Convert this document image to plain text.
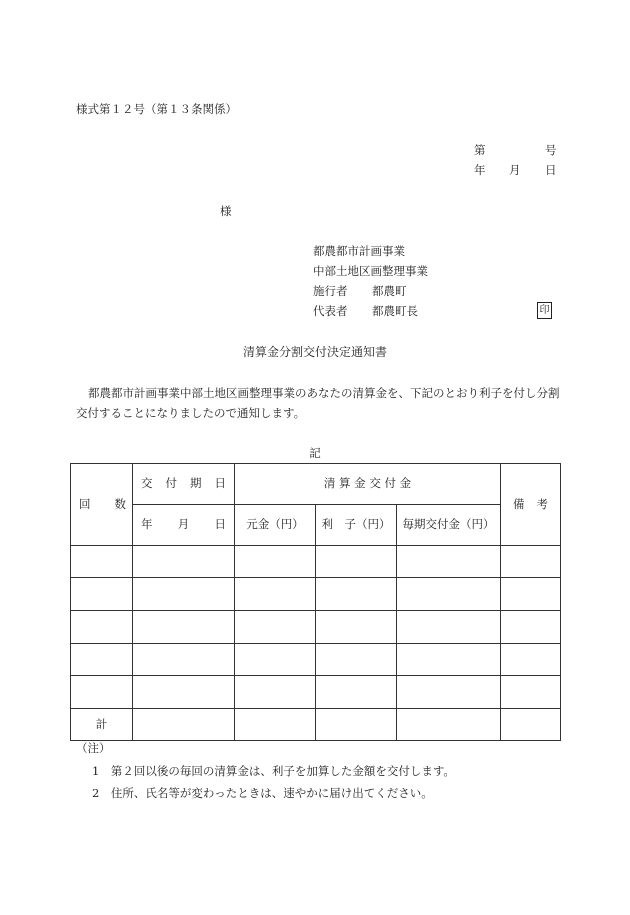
様式第１２号（第１３条関係）
第	号
年 月 日
様
都農都市計画事業
中部土地区画整理事業
施行者 都農町
代表者 都農町長	印
清算金分割交付決定通知書
都農都市計画事業中部土地区画整理事業のあなたの清算金を、下記のとおり利子を付し分割交付することになりましたので通知します。
記
回 数	交 付 期 日	清 算 金 交 付 金			備 考

	年 月 日	元金（円）	利　子（円）	毎期交付金（円）	

計					
（注）
1　第２回以後の毎回の清算金は、利子を加算した金額を交付します。
2　住所、氏名等が変わったときは、速やかに届け出てください。
